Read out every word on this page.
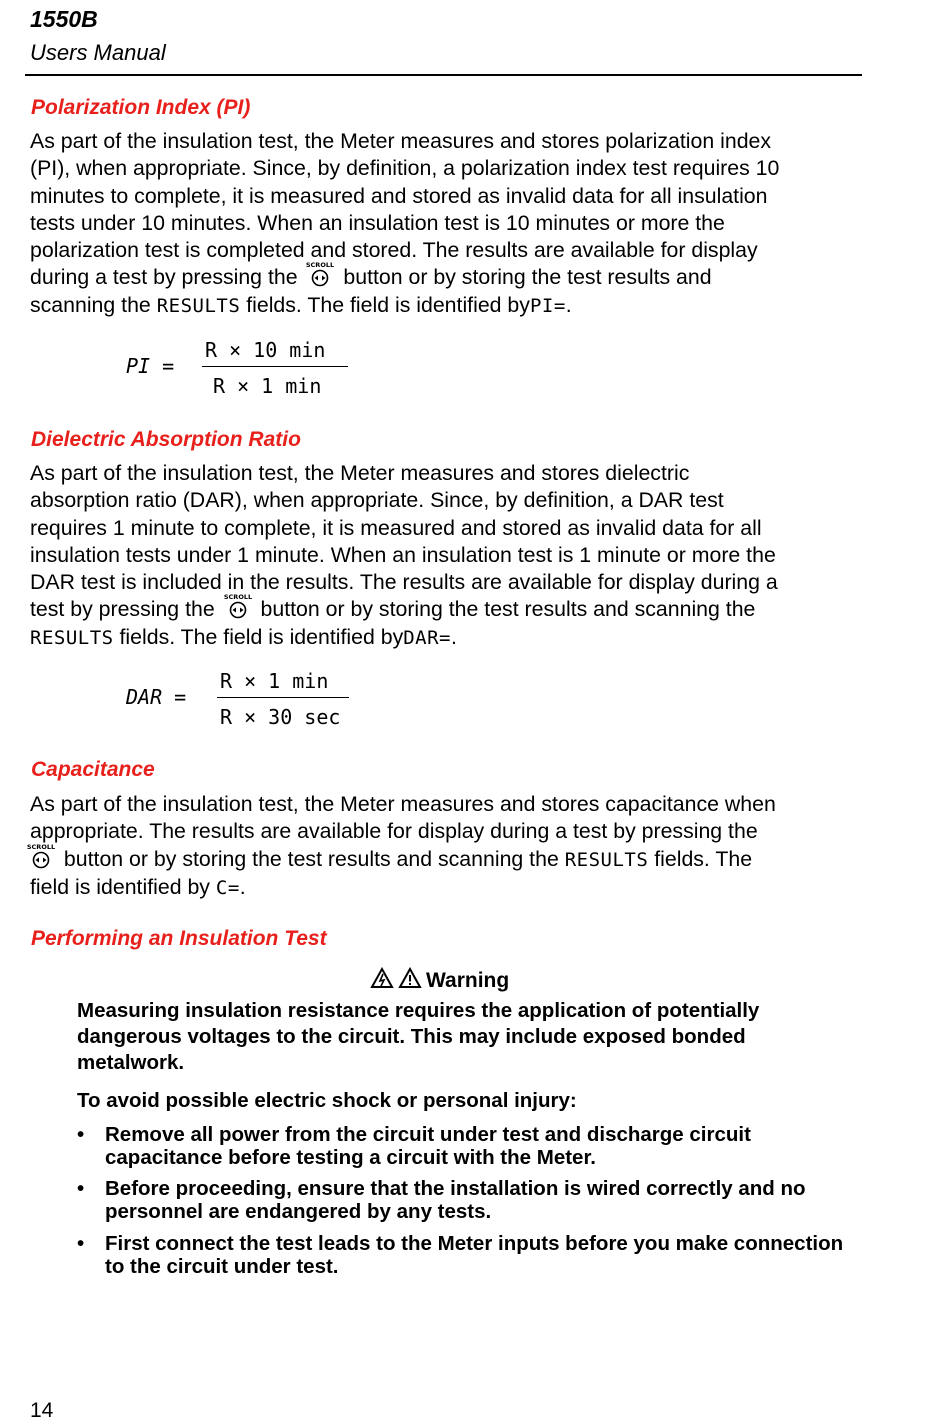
1550B
Users Manual
Polarization Index (PI)
As part of the insulation test, the Meter measures and stores polarization index
(PI), when appropriate. Since, by definition, a polarization index test requires 10
minutes to complete, it is measured and stored as invalid data for all insulation
tests under 10 minutes. When an insulation test is 10 minutes or more the
polarization test is completed and stored. The results are available for display
during a test by pressing the SCROLL button or by storing the test results and
scanning the RESULTS fields. The field is identified byPI=.
PI =
R × 10 min
R × 1 min
Dielectric Absorption Ratio
As part of the insulation test, the Meter measures and stores dielectric
absorption ratio (DAR), when appropriate. Since, by definition, a DAR test
requires 1 minute to complete, it is measured and stored as invalid data for all
insulation tests under 1 minute. When an insulation test is 1 minute or more the
DAR test is included in the results. The results are available for display during a
test by pressing the SCROLL button or by storing the test results and scanning the
RESULTS fields. The field is identified byDAR=.
DAR =
R × 1 min
R × 30 sec
Capacitance
As part of the insulation test, the Meter measures and stores capacitance when
appropriate. The results are available for display during a test by pressing the
SCROLL button or by storing the test results and scanning the RESULTS fields. The
field is identified by C=.
Performing an Insulation Test
Warning

Measuring insulation resistance requires the application of potentially dangerous voltages to the circuit. This may include exposed bonded metalwork.

To avoid possible electric shock or personal injury:

• Remove all power from the circuit under test and discharge circuit capacitance before testing a circuit with the Meter.
• Before proceeding, ensure that the installation is wired correctly and no personnel are endangered by any tests.
• First connect the test leads to the Meter inputs before you make connection to the circuit under test.
14
